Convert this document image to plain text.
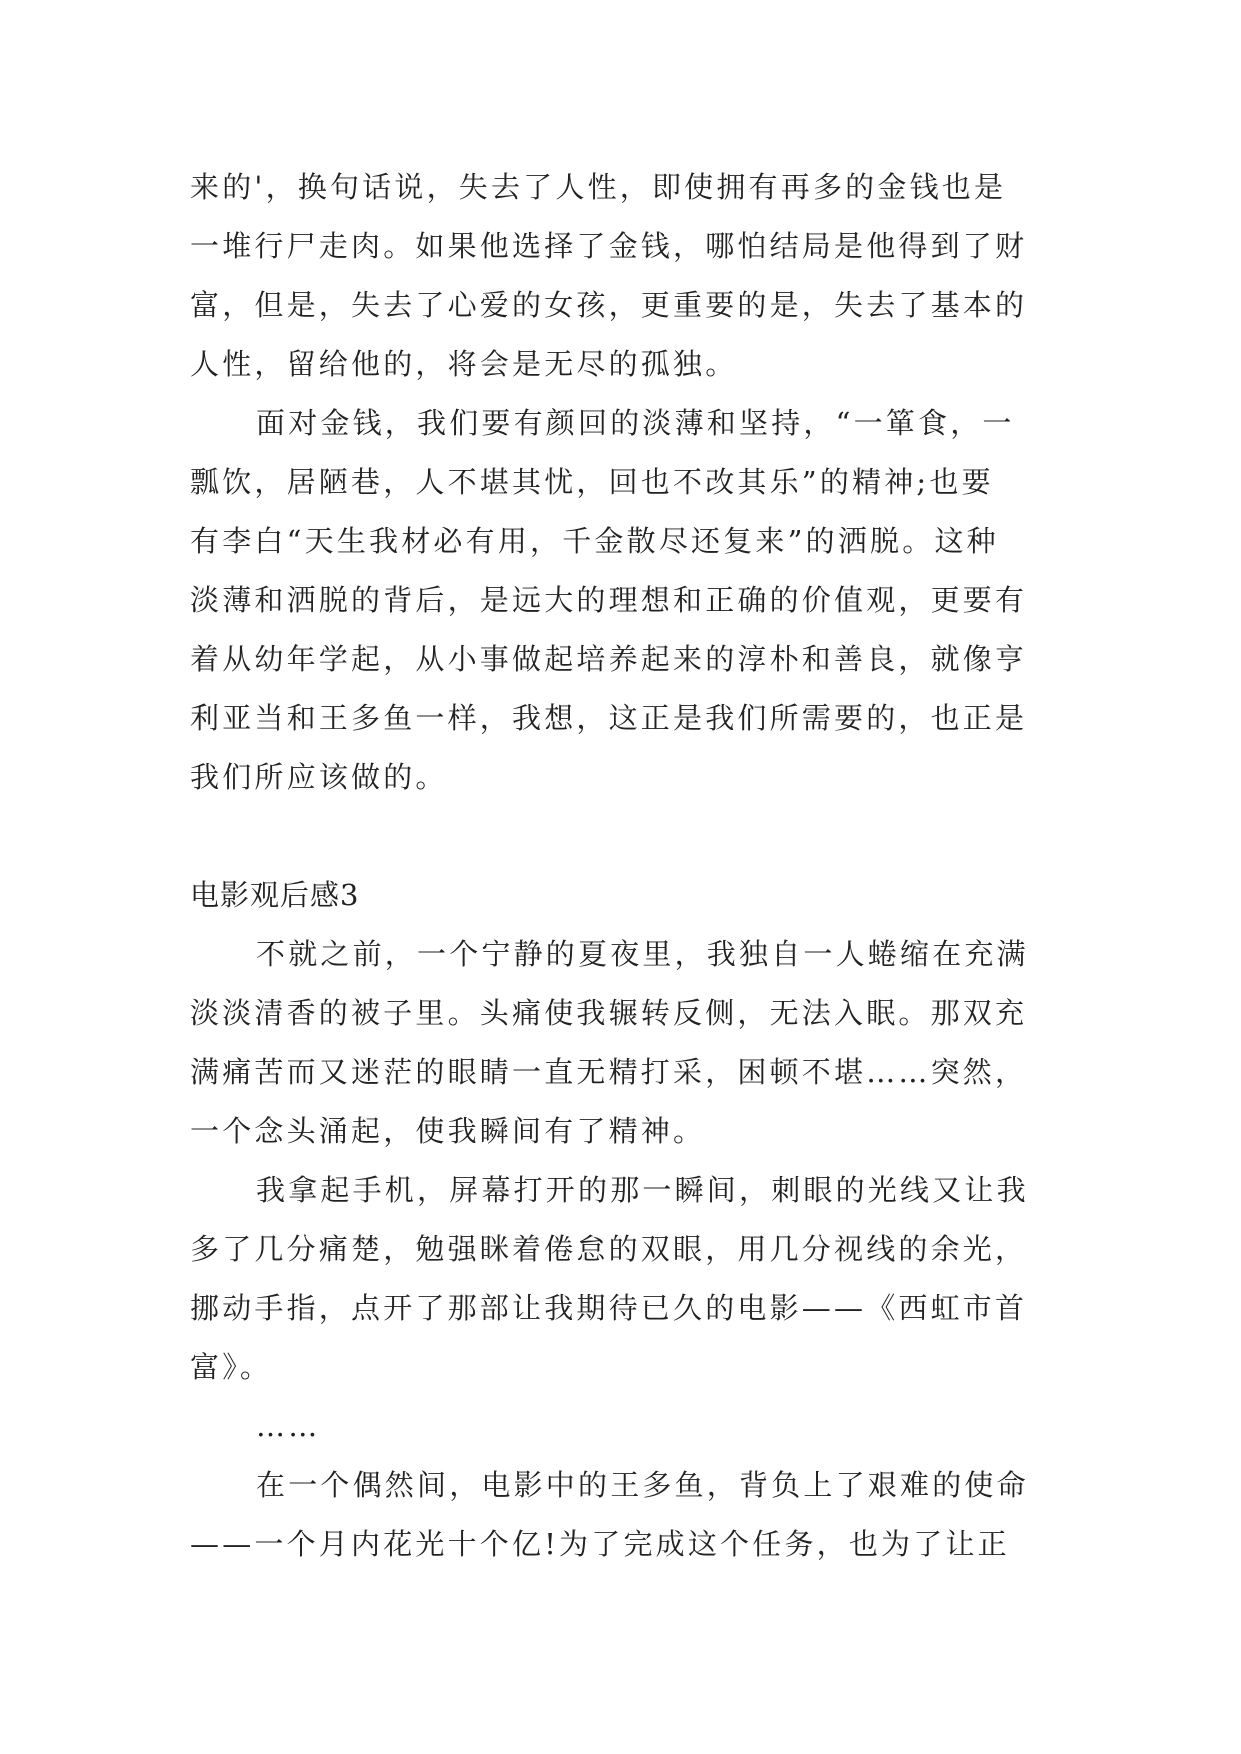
来的'，换句话说，失去了人性，即使拥有再多的金钱也是
一堆行尸走肉。如果他选择了金钱，哪怕结局是他得到了财
富，但是，失去了心爱的女孩，更重要的是，失去了基本的
人性，留给他的，将会是无尽的孤独。
面对金钱，我们要有颜回的淡薄和坚持，“一箪食，一
瓢饮，居陋巷，人不堪其忧，回也不改其乐”的精神;也要
有李白“天生我材必有用，千金散尽还复来”的洒脱。这种
淡薄和洒脱的背后，是远大的理想和正确的价值观，更要有
着从幼年学起，从小事做起培养起来的淳朴和善良，就像亨
利亚当和王多鱼一样，我想，这正是我们所需要的，也正是
我们所应该做的。
电影观后感3
不就之前，一个宁静的夏夜里，我独自一人蜷缩在充满
淡淡清香的被子里。头痛使我辗转反侧，无法入眠。那双充
满痛苦而又迷茫的眼睛一直无精打采，困顿不堪……突然，
一个念头涌起，使我瞬间有了精神。
我拿起手机，屏幕打开的那一瞬间，刺眼的光线又让我
多了几分痛楚，勉强眯着倦怠的双眼，用几分视线的余光，
挪动手指，点开了那部让我期待已久的电影——《西虹市首
富》。
……
在一个偶然间，电影中的王多鱼，背负上了艰难的使命
——一个月内花光十个亿!为了完成这个任务，也为了让正
